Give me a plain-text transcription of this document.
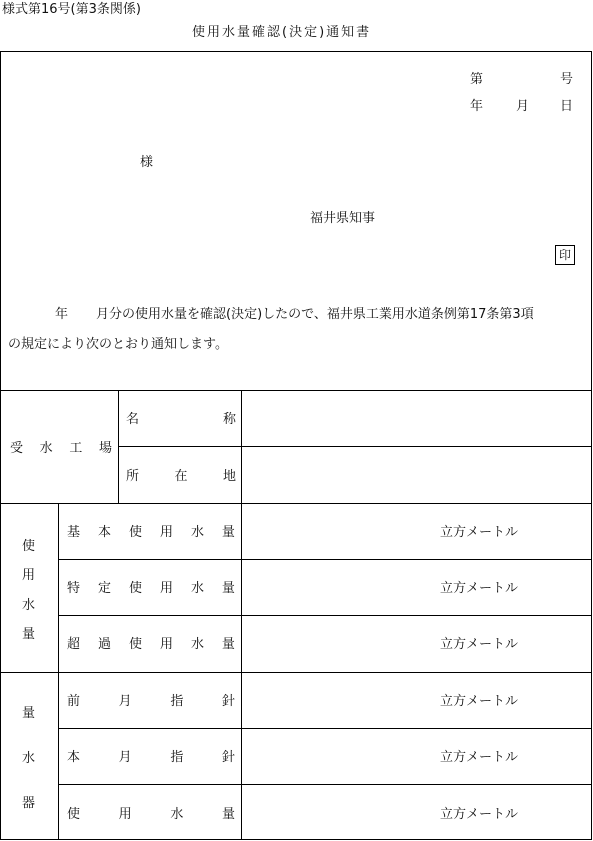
様式第16号(第3条関係)
使用水量確認(決定)通知書
第	号
年	月 日
様
福井県知事
印
年 月分の使用水量を確認(決定)したので、福井県工業用水道条例第17条第3項
の規定により次のとおり通知します。
受 水 工 場
名	称
所	在	地
使
用
水
量
基 本 使 用 水 量	立方メートル
特 定 使 用 水 量	立方メートル
超 過 使 用 水 量	立方メートル
量
水
器
前	月	指	針	立方メートル
本	月	指	針	立方メートル
使	用	水	量	立方メートル
